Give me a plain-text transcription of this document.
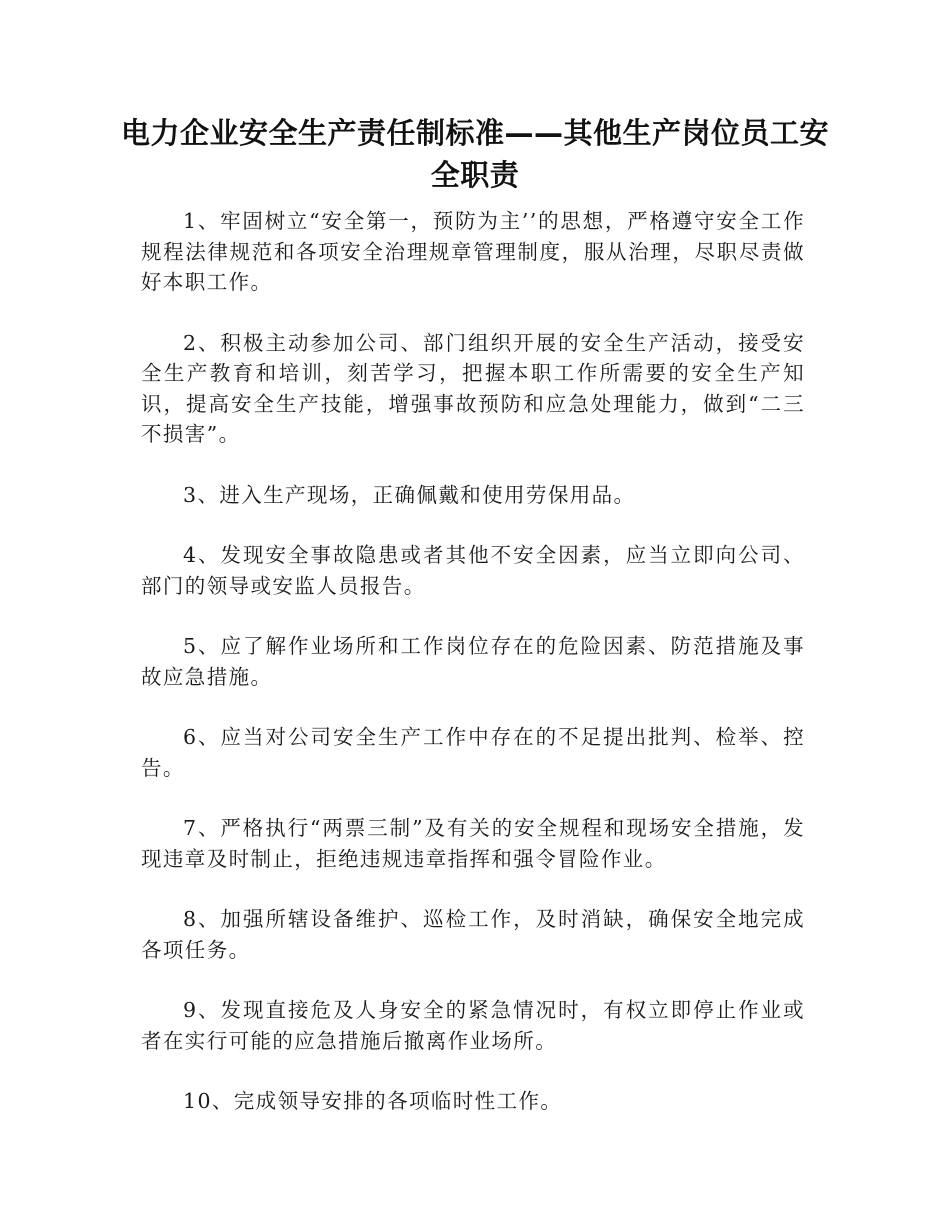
电力企业安全生产责任制标准——其他生产岗位员工安全职责

1、牢固树立“安全第一，预防为主’’的思想，严格遵守安全工作规程法律规范和各项安全治理规章管理制度，服从治理，尽职尽责做好本职工作。

2、积极主动参加公司、部门组织开展的安全生产活动，接受安全生产教育和培训，刻苦学习，把握本职工作所需要的安全生产知识，提高安全生产技能，增强事故预防和应急处理能力，做到“二三不损害”。

3、进入生产现场，正确佩戴和使用劳保用品。

4、发现安全事故隐患或者其他不安全因素，应当立即向公司、部门的领导或安监人员报告。

5、应了解作业场所和工作岗位存在的危险因素、防范措施及事故应急措施。

6、应当对公司安全生产工作中存在的不足提出批判、检举、控告。

7、严格执行“两票三制”及有关的安全规程和现场安全措施，发现违章及时制止，拒绝违规违章指挥和强令冒险作业。

8、加强所辖设备维护、巡检工作，及时消缺，确保安全地完成各项任务。

9、发现直接危及人身安全的紧急情况时，有权立即停止作业或者在实行可能的应急措施后撤离作业场所。

10、完成领导安排的各项临时性工作。
